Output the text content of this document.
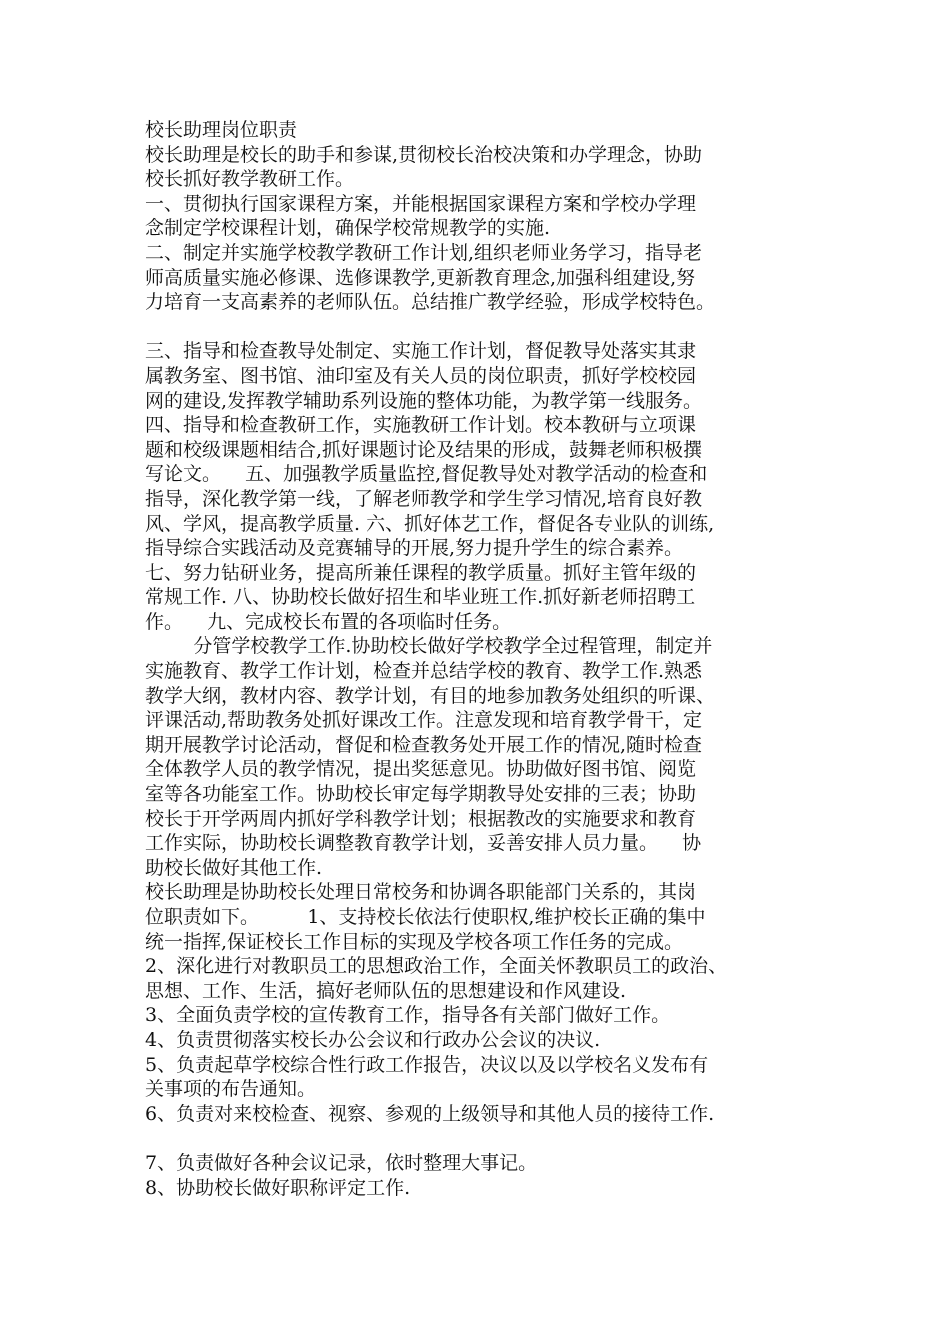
校长助理岗位职责
校长助理是校长的助手和参谋,贯彻校长治校决策和办学理念，协助
校长抓好教学教研工作。
一、贯彻执行国家课程方案，并能根据国家课程方案和学校办学理
念制定学校课程计划，确保学校常规教学的实施.
二、制定并实施学校教学教研工作计划,组织老师业务学习，指导老
师高质量实施必修课、选修课教学,更新教育理念,加强科组建设,努
力培育一支高素养的老师队伍。总结推广教学经验，形成学校特色。
三、指导和检查教导处制定、实施工作计划，督促教导处落实其隶
属教务室、图书馆、油印室及有关人员的岗位职责，抓好学校校园
网的建设,发挥教学辅助系列设施的整体功能，为教学第一线服务。
四、指导和检查教研工作，实施教研工作计划。校本教研与立项课
题和校级课题相结合,抓好课题讨论及结果的形成，鼓舞老师积极撰
写论文。    五、加强教学质量监控,督促教导处对教学活动的检查和
指导，深化教学第一线，了解老师教学和学生学习情况,培育良好教
风、学风，提高教学质量. 六、抓好体艺工作，督促各专业队的训练,
指导综合实践活动及竞赛辅导的开展,努力提升学生的综合素养。
七、努力钻研业务，提高所兼任课程的教学质量。抓好主管年级的
常规工作. 八、协助校长做好招生和毕业班工作.抓好新老师招聘工
作。    九、完成校长布置的各项临时任务。
分管学校教学工作.协助校长做好学校教学全过程管理，制定并
实施教育、教学工作计划，检查并总结学校的教育、教学工作.熟悉
教学大纲，教材内容、教学计划，有目的地参加教务处组织的听课、
评课活动,帮助教务处抓好课改工作。注意发现和培育教学骨干，定
期开展教学讨论活动，督促和检查教务处开展工作的情况,随时检查
全体教学人员的教学情况，提出奖惩意见。协助做好图书馆、阅览
室等各功能室工作。协助校长审定每学期教导处安排的三表；协助
校长于开学两周内抓好学科教学计划；根据教改的实施要求和教育
工作实际，协助校长调整教育教学计划，妥善安排人员力量。    协
助校长做好其他工作.
校长助理是协助校长处理日常校务和协调各职能部门关系的，其岗
位职责如下。        1、支持校长依法行使职权,维护校长正确的集中
统一指挥,保证校长工作目标的实现及学校各项工作任务的完成。
2、深化进行对教职员工的思想政治工作，全面关怀教职员工的政治、
思想、工作、生活，搞好老师队伍的思想建设和作风建设.
3、全面负责学校的宣传教育工作，指导各有关部门做好工作。
4、负责贯彻落实校长办公会议和行政办公会议的决议.
5、负责起草学校综合性行政工作报告，决议以及以学校名义发布有
关事项的布告通知。
6、负责对来校检查、视察、参观的上级领导和其他人员的接待工作.
7、负责做好各种会议记录，依时整理大事记。
8、协助校长做好职称评定工作.
